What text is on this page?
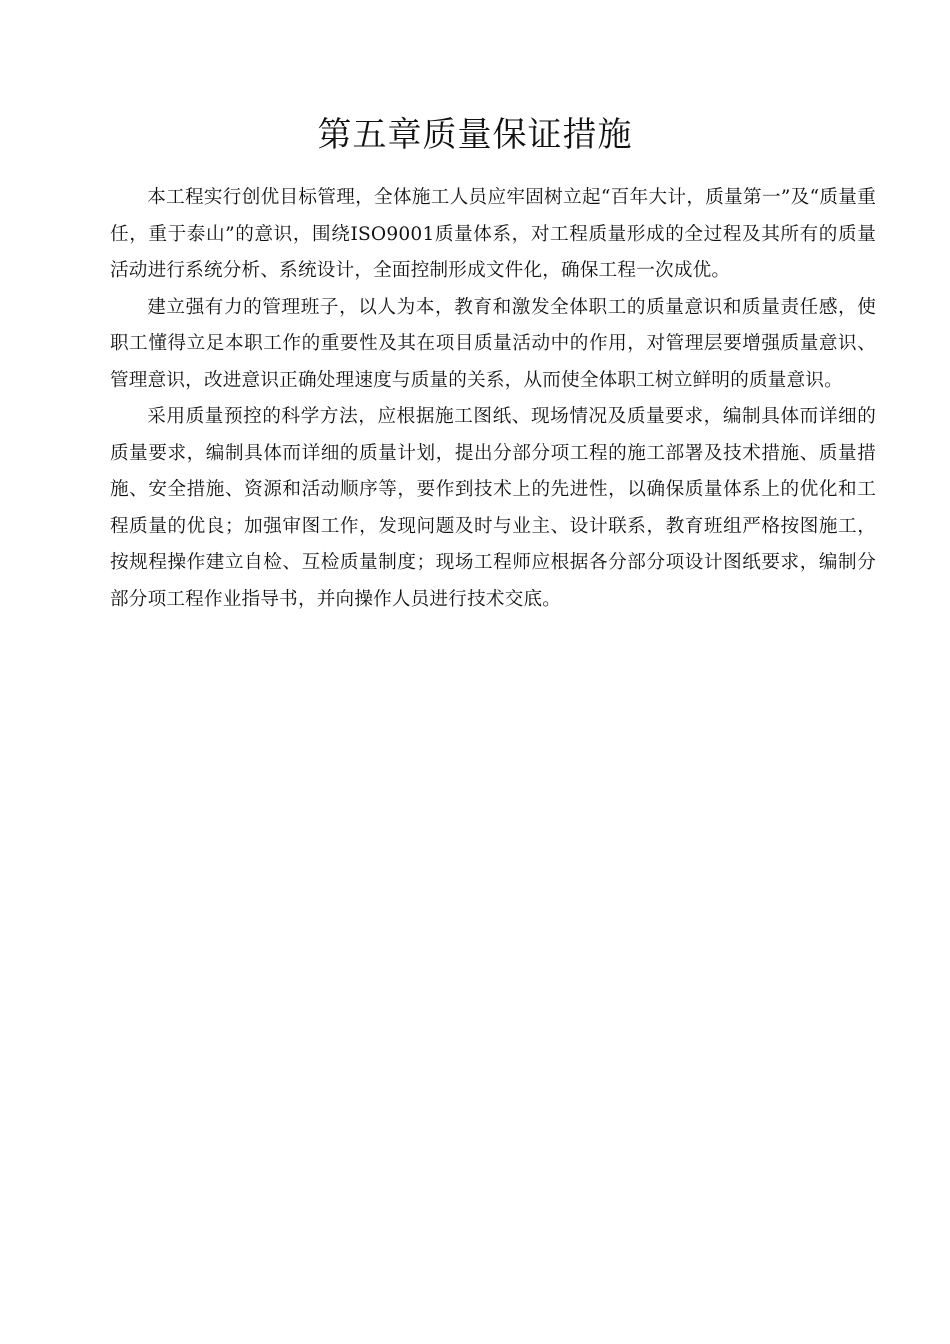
第五章质量保证措施

本工程实行创优目标管理，全体施工人员应牢固树立起“百年大计，质量第一”及“质量重任，重于泰山”的意识，围绕ISO9001质量体系，对工程质量形成的全过程及其所有的质量活动进行系统分析、系统设计，全面控制形成文件化，确保工程一次成优。

建立强有力的管理班子，以人为本，教育和激发全体职工的质量意识和质量责任感，使职工懂得立足本职工作的重要性及其在项目质量活动中的作用，对管理层要增强质量意识、管理意识，改进意识正确处理速度与质量的关系，从而使全体职工树立鲜明的质量意识。

采用质量预控的科学方法，应根据施工图纸、现场情况及质量要求，编制具体而详细的质量要求，编制具体而详细的质量计划，提出分部分项工程的施工部署及技术措施、质量措施、安全措施、资源和活动顺序等，要作到技术上的先进性，以确保质量体系上的优化和工程质量的优良；加强审图工作，发现问题及时与业主、设计联系，教育班组严格按图施工，按规程操作建立自检、互检质量制度；现场工程师应根据各分部分项设计图纸要求，编制分部分项工程作业指导书，并向操作人员进行技术交底。
